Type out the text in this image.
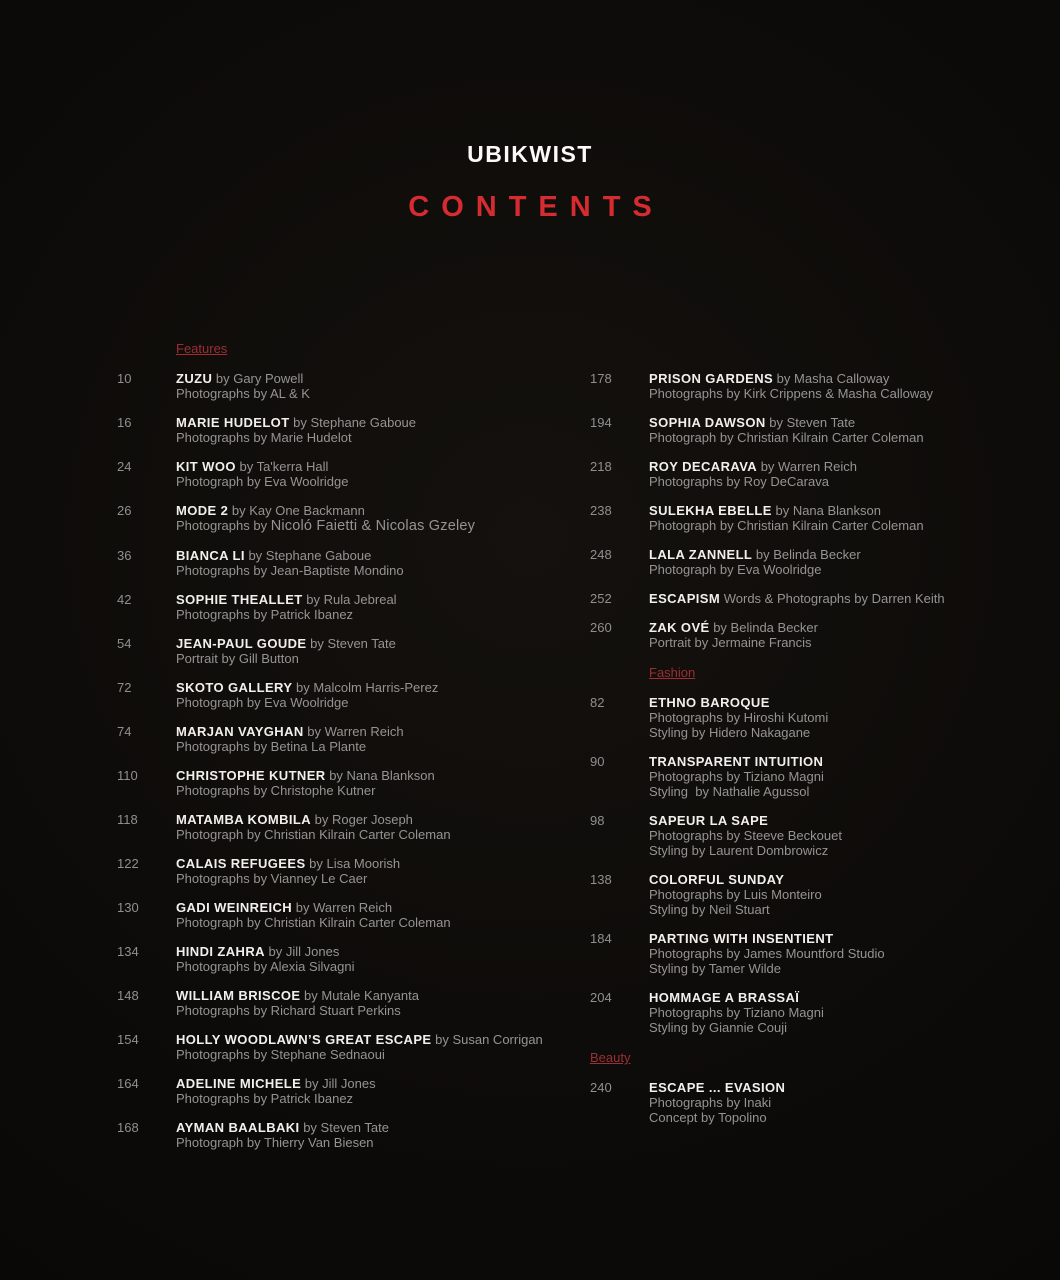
UBIKWIST
CONTENTS
Features
10	ZUZU by Gary Powell
Photographs by AL & K
16	MARIE HUDELOT by Stephane Gaboue
Photographs by Marie Hudelot
24	KIT WOO by Ta'kerra Hall
Photograph by Eva Woolridge
26	MODE 2 by Kay One Backmann
Photographs by Nicoló Faietti & Nicolas Gzeley
36	BIANCA LI by Stephane Gaboue
Photographs by Jean-Baptiste Mondino
42	SOPHIE THEALLET by Rula Jebreal
Photographs by Patrick Ibanez
54	JEAN-PAUL GOUDE by Steven Tate
Portrait by Gill Button
72	SKOTO GALLERY by Malcolm Harris-Perez
Photograph by Eva Woolridge
74	MARJAN VAYGHAN by Warren Reich
Photographs by Betina La Plante
110	CHRISTOPHE KUTNER by Nana Blankson
Photographs by Christophe Kutner
118	MATAMBA KOMBILA by Roger Joseph
Photograph by Christian Kilrain Carter Coleman
122	CALAIS REFUGEES by Lisa Moorish
Photographs by Vianney Le Caer
130	GADI WEINREICH by Warren Reich
Photograph by Christian Kilrain Carter Coleman
134	HINDI ZAHRA by Jill Jones
Photographs by Alexia Silvagni
148	WILLIAM BRISCOE by Mutale Kanyanta
Photographs by Richard Stuart Perkins
154	HOLLY WOODLAWN’S GREAT ESCAPE by Susan Corrigan
Photographs by Stephane Sednaoui
164	ADELINE MICHELE by Jill Jones
Photographs by Patrick Ibanez
168	AYMAN BAALBAKI by Steven Tate
Photograph by Thierry Van Biesen
178	PRISON GARDENS by Masha Calloway
Photographs by Kirk Crippens & Masha Calloway
194	SOPHIA DAWSON by Steven Tate
Photograph by Christian Kilrain Carter Coleman
218	ROY DECARAVA by Warren Reich
Photographs by Roy DeCarava
238	SULEKHA EBELLE by Nana Blankson
Photograph by Christian Kilrain Carter Coleman
248	LALA ZANNELL by Belinda Becker
Photograph by Eva Woolridge
252	ESCAPISM Words & Photographs by Darren Keith
260	ZAK OVÉ by Belinda Becker
Portrait by Jermaine Francis
Fashion
82	ETHNO BAROQUE
Photographs by Hiroshi Kutomi
Styling by Hidero Nakagane
90	TRANSPARENT INTUITION
Photographs by Tiziano Magni
Styling  by Nathalie Agussol
98	SAPEUR LA SAPE
Photographs by Steeve Beckouet
Styling by Laurent Dombrowicz
138	COLORFUL SUNDAY
Photographs by Luis Monteiro
Styling by Neil Stuart
184	PARTING WITH INSENTIENT
Photographs by James Mountford Studio
Styling by Tamer Wilde
204	HOMMAGE A BRASSAÏ
Photographs by Tiziano Magni
Styling by Giannie Couji
Beauty
240	ESCAPE ... EVASION
Photographs by Inaki
Concept by Topolino
